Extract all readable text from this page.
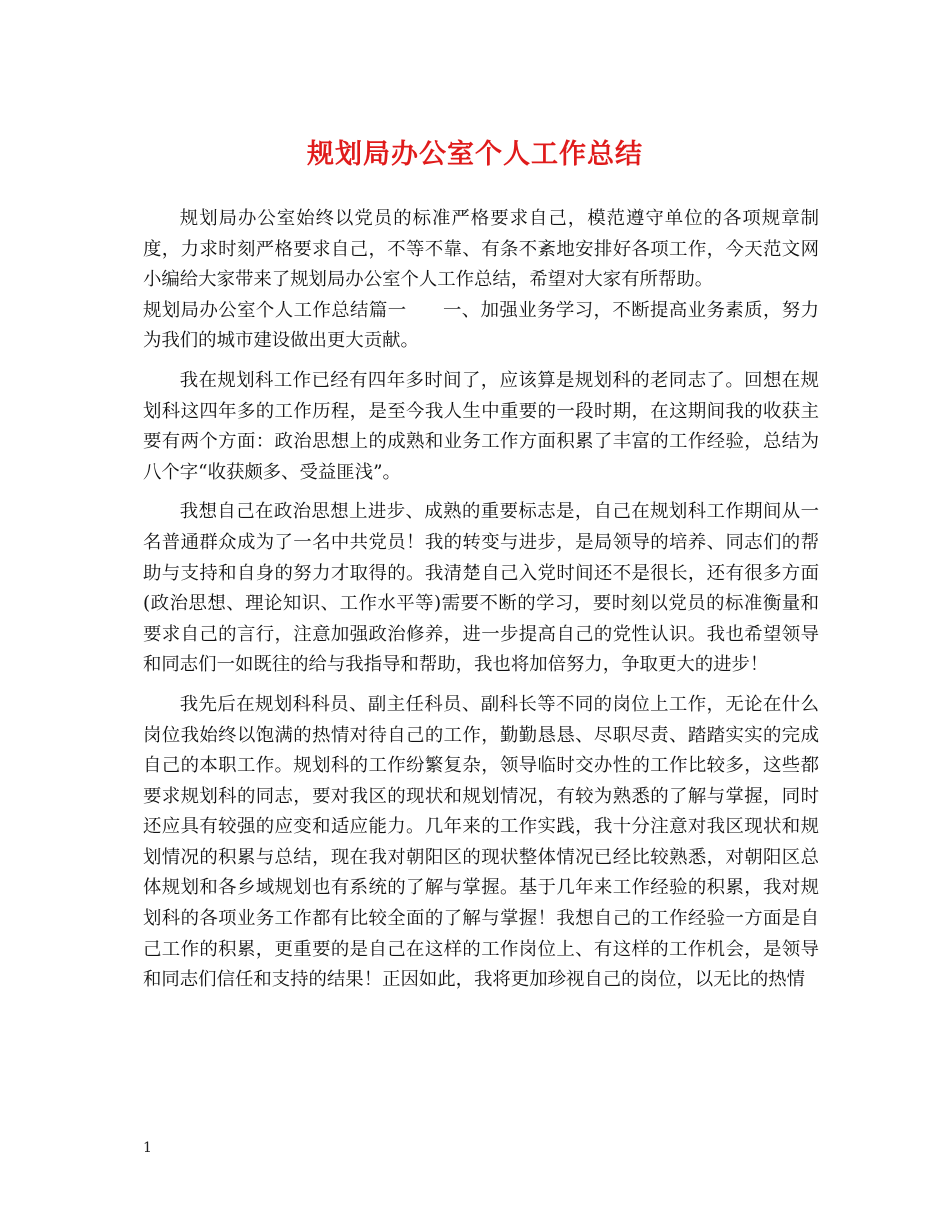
规划局办公室个人工作总结

规划局办公室始终以党员的标准严格要求自己，模范遵守单位的各项规章制度，力求时刻严格要求自己，不等不靠、有条不紊地安排好各项工作，今天范文网小编给大家带来了规划局办公室个人工作总结，希望对大家有所帮助。

规划局办公室个人工作总结篇一 一、加强业务学习，不断提高业务素质，努力为我们的城市建设做出更大贡献。

我在规划科工作已经有四年多时间了，应该算是规划科的老同志了。回想在规划科这四年多的工作历程，是至今我人生中重要的一段时期，在这期间我的收获主要有两个方面：政治思想上的成熟和业务工作方面积累了丰富的工作经验，总结为八个字“收获颇多、受益匪浅”。

我想自己在政治思想上进步、成熟的重要标志是，自己在规划科工作期间从一名普通群众成为了一名中共党员！我的转变与进步，是局领导的培养、同志们的帮助与支持和自身的努力才取得的。我清楚自己入党时间还不是很长，还有很多方面(政治思想、理论知识、工作水平等)需要不断的学习，要时刻以党员的标准衡量和要求自己的言行，注意加强政治修养，进一步提高自己的党性认识。我也希望领导和同志们一如既往的给与我指导和帮助，我也将加倍努力，争取更大的进步！

我先后在规划科科员、副主任科员、副科长等不同的岗位上工作，无论在什么岗位我始终以饱满的热情对待自己的工作，勤勤恳恳、尽职尽责、踏踏实实的完成自己的本职工作。规划科的工作纷繁复杂，领导临时交办性的工作比较多，这些都要求规划科的同志，要对我区的现状和规划情况，有较为熟悉的了解与掌握，同时还应具有较强的应变和适应能力。几年来的工作实践，我十分注意对我区现状和规划情况的积累与总结，现在我对朝阳区的现状整体情况已经比较熟悉，对朝阳区总体规划和各乡域规划也有系统的了解与掌握。基于几年来工作经验的积累，我对规划科的各项业务工作都有比较全面的了解与掌握！我想自己的工作经验一方面是自己工作的积累，更重要的是自己在这样的工作岗位上、有这样的工作机会，是领导和同志们信任和支持的结果！正因如此，我将更加珍视自己的岗位，以无比的热情

1
